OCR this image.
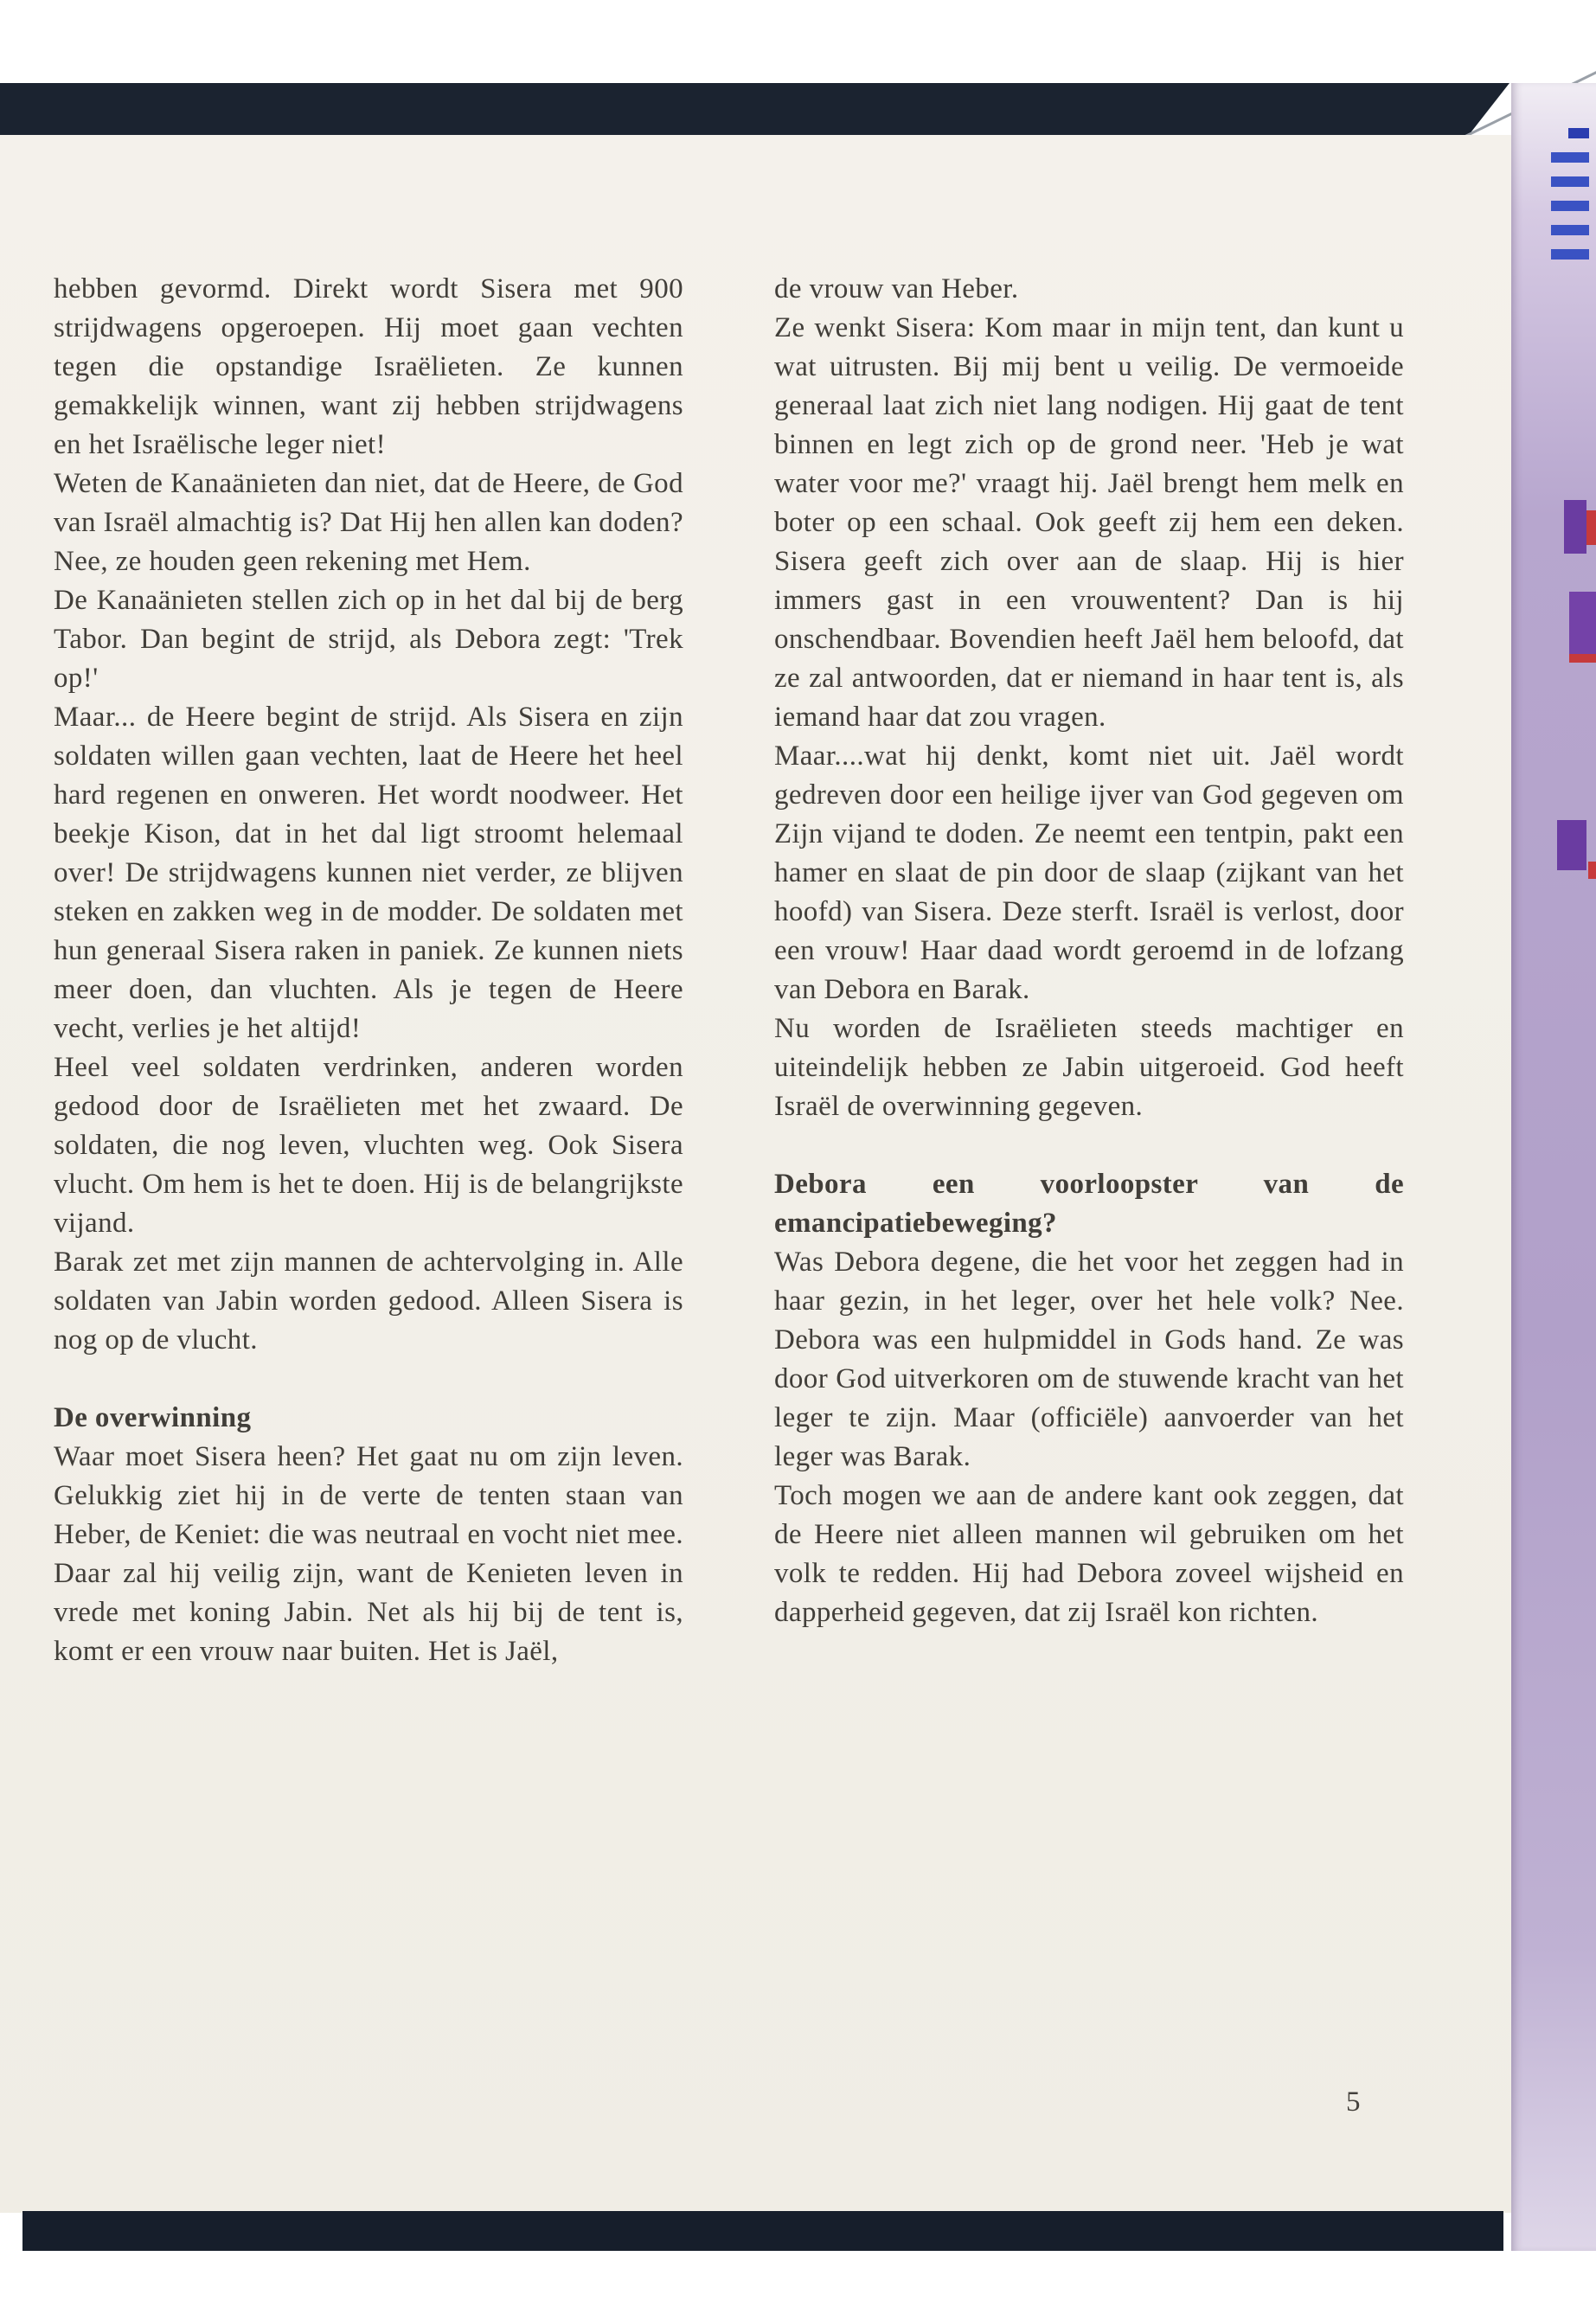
hebben gevormd. Direkt wordt Sisera met 900 strijdwagens opgeroepen. Hij moet gaan vechten tegen die opstandige Israëlieten. Ze kunnen gemakkelijk winnen, want zij hebben strijdwagens en het Israëlische leger niet!

Weten de Kanaänieten dan niet, dat de Heere, de God van Israël almachtig is? Dat Hij hen allen kan doden? Nee, ze houden geen rekening met Hem.

De Kanaänieten stellen zich op in het dal bij de berg Tabor. Dan begint de strijd, als Debora zegt: 'Trek op!'

Maar... de Heere begint de strijd. Als Sisera en zijn soldaten willen gaan vechten, laat de Heere het heel hard regenen en onweren. Het wordt noodweer. Het beekje Kison, dat in het dal ligt stroomt helemaal over! De strijdwagens kunnen niet verder, ze blijven steken en zakken weg in de modder. De soldaten met hun generaal Sisera raken in paniek. Ze kunnen niets meer doen, dan vluchten. Als je tegen de Heere vecht, verlies je het altijd!

Heel veel soldaten verdrinken, anderen worden gedood door de Israëlieten met het zwaard. De soldaten, die nog leven, vluchten weg. Ook Sisera vlucht. Om hem is het te doen. Hij is de belangrijkste vijand.

Barak zet met zijn mannen de achtervolging in. Alle soldaten van Jabin worden gedood. Alleen Sisera is nog op de vlucht.

De overwinning

Waar moet Sisera heen? Het gaat nu om zijn leven. Gelukkig ziet hij in de verte de tenten staan van Heber, de Keniet: die was neutraal en vocht niet mee. Daar zal hij veilig zijn, want de Kenieten leven in vrede met koning Jabin. Net als hij bij de tent is, komt er een vrouw naar buiten. Het is Jaël,

de vrouw van Heber.

Ze wenkt Sisera: Kom maar in mijn tent, dan kunt u wat uitrusten. Bij mij bent u veilig. De vermoeide generaal laat zich niet lang nodigen. Hij gaat de tent binnen en legt zich op de grond neer. 'Heb je wat water voor me?' vraagt hij. Jaël brengt hem melk en boter op een schaal. Ook geeft zij hem een deken. Sisera geeft zich over aan de slaap. Hij is hier immers gast in een vrouwentent? Dan is hij onschendbaar. Bovendien heeft Jaël hem beloofd, dat ze zal antwoorden, dat er niemand in haar tent is, als iemand haar dat zou vragen.

Maar....wat hij denkt, komt niet uit. Jaël wordt gedreven door een heilige ijver van God gegeven om Zijn vijand te doden. Ze neemt een tentpin, pakt een hamer en slaat de pin door de slaap (zijkant van het hoofd) van Sisera. Deze sterft. Israël is verlost, door een vrouw! Haar daad wordt geroemd in de lofzang van Debora en Barak.

Nu worden de Israëlieten steeds machtiger en uiteindelijk hebben ze Jabin uitgeroeid. God heeft Israël de overwinning gegeven.

Debora een voorloopster van de emancipatiebeweging?

Was Debora degene, die het voor het zeggen had in haar gezin, in het leger, over het hele volk? Nee. Debora was een hulpmiddel in Gods hand. Ze was door God uitverkoren om de stuwende kracht van het leger te zijn. Maar (officiële) aanvoerder van het leger was Barak.

Toch mogen we aan de andere kant ook zeggen, dat de Heere niet alleen mannen wil gebruiken om het volk te redden. Hij had Debora zoveel wijsheid en dapperheid gegeven, dat zij Israël kon richten.

5
